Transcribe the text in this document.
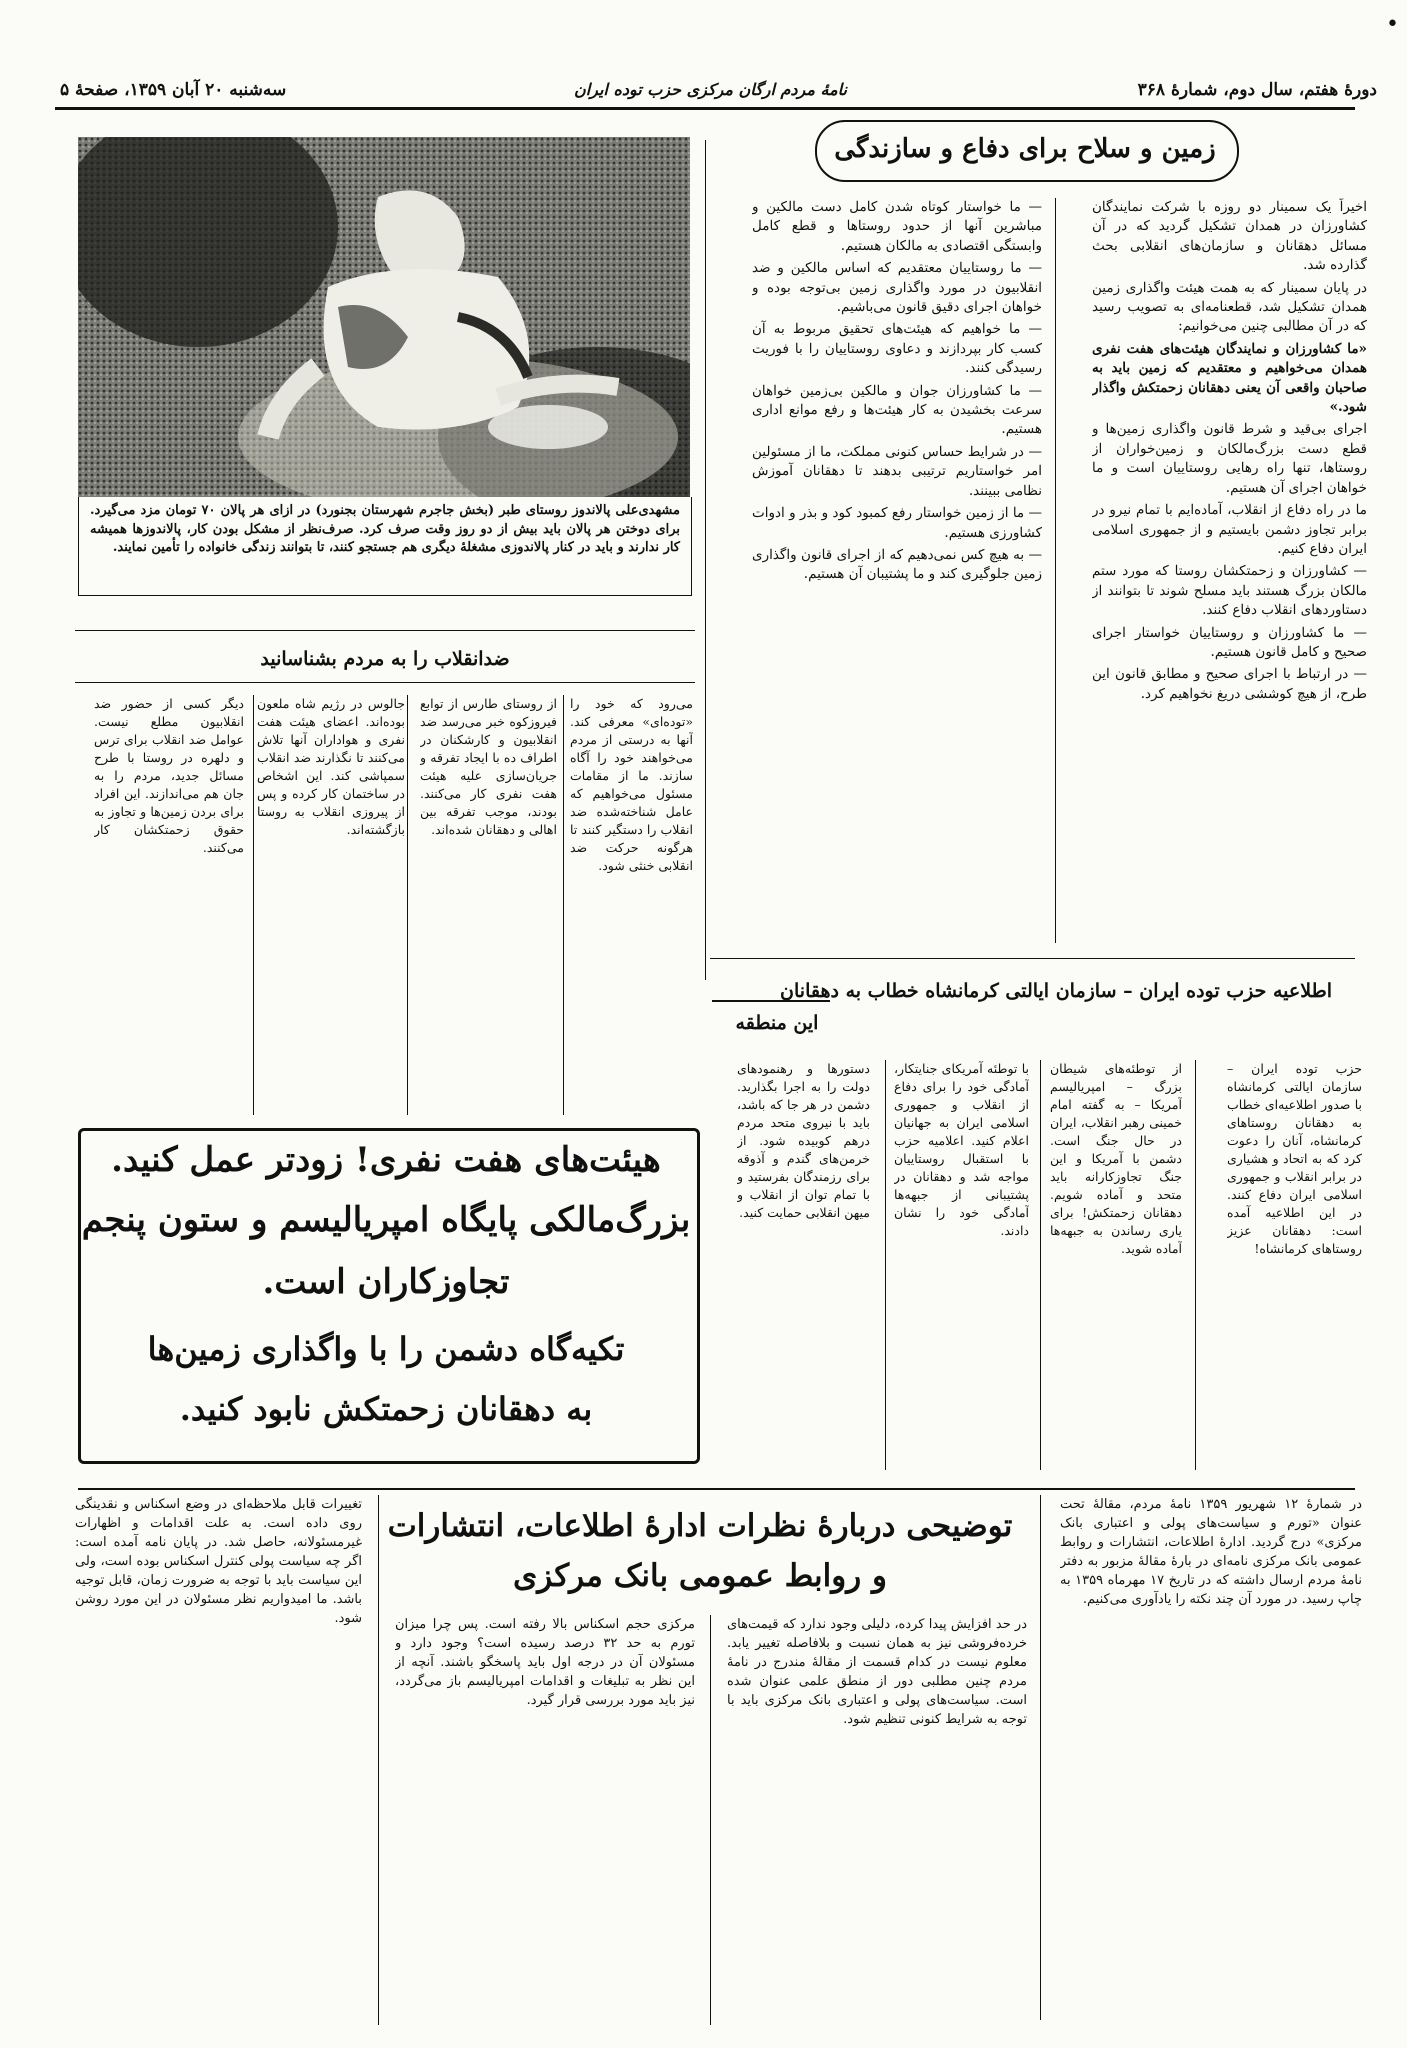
دورهٔ هفتم، سال دوم، شمارهٔ ۳۶۸
نامهٔ مردم ارگان مرکزی حزب توده ایران
سه‌شنبه ۲۰ آبان ۱۳۵۹، صفحهٔ ۵
•
زمین و سلاح برای دفاع و سازندگی

اخیراً یک سمینار دو روزه با شرکت نمایندگان کشاورزان در همدان تشکیل گردید که در آن مسائل دهقانان و سازمان‌های انقلابی بحث گذارده شد.

در پایان سمینار که به همت هیئت واگذاری زمین همدان تشکیل شد، قطعنامه‌ای به تصویب رسید که در آن مطالبی چنین می‌خوانیم:

«ما کشاورزان و نمایندگان هیئت‌های هفت نفری همدان می‌خواهیم و معتقدیم که زمین باید به صاحبان واقعی آن یعنی دهقانان زحمتکش واگذار شود.»

اجرای بی‌قید و شرط قانون واگذاری زمین‌ها و قطع دست بزرگ‌مالکان و زمین‌خواران از روستاها، تنها راه رهایی روستاییان است و ما خواهان اجرای آن هستیم.

ما در راه دفاع از انقلاب، آماده‌ایم با تمام نیرو در برابر تجاوز دشمن بایستیم و از جمهوری اسلامی ایران دفاع کنیم.

— کشاورزان و زحمتکشان روستا که مورد ستم مالکان بزرگ هستند باید مسلح شوند تا بتوانند از دستاوردهای انقلاب دفاع کنند.

— ما کشاورزان و روستاییان خواستار اجرای صحیح و کامل قانون هستیم.

— در ارتباط با اجرای صحیح و مطابق قانون این طرح، از هیچ کوششی دریغ نخواهیم کرد.

— ما خواستار کوتاه شدن کامل دست مالکین و مباشرین آنها از حدود روستاها و قطع کامل وابستگی اقتصادی به مالکان هستیم.

— ما روستاییان معتقدیم که اساس مالکین و ضد انقلابیون در مورد واگذاری زمین بی‌توجه بوده و خواهان اجرای دقیق قانون می‌باشیم.

— ما خواهیم که هیئت‌های تحقیق مربوط به آن کسب کار بپردازند و دعاوی روستاییان را با فوریت رسیدگی کنند.

— ما کشاورزان جوان و مالکین بی‌زمین خواهان سرعت بخشیدن به کار هیئت‌ها و رفع موانع اداری هستیم.

— در شرایط حساس کنونی مملکت، ما از مسئولین امر خواستاریم ترتیبی بدهند تا دهقانان آموزش نظامی ببینند.

— ما از زمین خواستار رفع کمبود کود و بذر و ادوات کشاورزی هستیم.

— به هیچ کس نمی‌دهیم که از اجرای قانون واگذاری زمین جلوگیری کند و ما پشتیبان آن هستیم.

مشهدی‌علی پالاندوز روستای طبر (بخش جاجرم شهرستان بجنورد) در ازای هر پالان ۷۰ تومان مزد می‌گیرد. برای دوختن هر پالان باید بیش از دو روز وقت صرف کرد. صرف‌نظر از مشکل بودن کار، پالاندوزها همیشه کار ندارند و باید در کنار پالاندوزی مشغلهٔ دیگری هم جستجو کنند، تا بتوانند زندگی خانواده را تأمین نمایند.
ضدانقلاب را به مردم بشناسانید
از روستای طارس از توابع فیروزکوه خبر می‌رسد ضد انقلابیون و کارشکنان در اطراف ده با ایجاد تفرقه و جریان‌سازی علیه هیئت هفت نفری کار می‌کنند. بودند، موجب تفرقه بین اهالی و دهقانان شده‌اند.
جالوس در رژیم شاه ملعون بوده‌اند. اعضای هیئت هفت نفری و هواداران آنها تلاش می‌کنند تا نگذارند ضد انقلاب سمپاشی کند. این اشخاص در ساختمان کار کرده و پس از پیروزی انقلاب به روستا بازگشته‌اند.
دیگر کسی از حضور ضد انقلابیون مطلع نیست. عوامل ضد انقلاب برای ترس و دلهره در روستا با طرح مسائل جدید، مردم را به جان هم می‌اندازند. این افراد برای بردن زمین‌ها و تجاوز به حقوق زحمتکشان کار می‌کنند.
می‌رود که خود را «توده‌ای» معرفی کند. آنها به درستی از مردم می‌خواهند خود را آگاه سازند. ما از مقامات مسئول می‌خواهیم که عامل شناخته‌شده ضد انقلاب را دستگیر کنند تا هرگونه حرکت ضد انقلابی خنثی شود.
هیئت‌های هفت نفری! زودتر عمل کنید.
بزرگ‌مالکی پایگاه امپریالیسم و ستون پنجم
تجاوزکاران است.
تکیه‌گاه دشمن را با واگذاری زمین‌ها
به دهقانان زحمتکش نابود کنید.
اطلاعیه حزب توده ایران – سازمان ایالتی کرمانشاه خطاب به دهقانان
این منطقه
حزب توده ایران – سازمان ایالتی کرمانشاه با صدور اطلاعیه‌ای خطاب به دهقانان روستاهای کرمانشاه، آنان را دعوت کرد که به اتحاد و هشیاری در برابر انقلاب و جمهوری اسلامی ایران دفاع کنند. در این اطلاعیه آمده است: دهقانان عزیز روستاهای کرمانشاه!
از توطئه‌های شیطان بزرگ – امپریالیسم آمریکا – به گفته امام خمینی رهبر انقلاب، ایران در حال جنگ است. دشمن با آمریکا و این جنگ تجاوزکارانه باید متحد و آماده شویم. دهقانان زحمتکش! برای یاری رساندن به جبهه‌ها آماده شوید.
با توطئه آمریکای جنایتکار، آمادگی خود را برای دفاع از انقلاب و جمهوری اسلامی ایران به جهانیان اعلام کنید. اعلامیه حزب با استقبال روستاییان مواجه شد و دهقانان در پشتیبانی از جبهه‌ها آمادگی خود را نشان دادند.
دستورها و رهنمودهای دولت را به اجرا بگذارید. دشمن در هر جا که باشد، باید با نیروی متحد مردم درهم کوبیده شود. از خرمن‌های گندم و آذوقه برای رزمندگان بفرستید و با تمام توان از انقلاب و میهن انقلابی حمایت کنید.
توضیحی دربارهٔ نظرات ادارهٔ اطلاعات، انتشارات
و روابط عمومی بانک مرکزی
در شمارهٔ ۱۲ شهریور ۱۳۵۹ نامهٔ مردم، مقالهٔ تحت عنوان «تورم و سیاست‌های پولی و اعتباری بانک مرکزی» درج گردید. ادارهٔ اطلاعات، انتشارات و روابط عمومی بانک مرکزی نامه‌ای در بارهٔ مقالهٔ مزبور به دفتر نامهٔ مردم ارسال داشته که در تاریخ ۱۷ مهرماه ۱۳۵۹ به چاپ رسید. در مورد آن چند نکته را یادآوری می‌کنیم.
در حد افزایش پیدا کرده، دلیلی وجود ندارد که قیمت‌های خرده‌فروشی نیز به همان نسبت و بلافاصله تغییر یابد. معلوم نیست در کدام قسمت از مقالهٔ مندرج در نامهٔ مردم چنین مطلبی دور از منطق علمی عنوان شده است. سیاست‌های پولی و اعتباری بانک مرکزی باید با توجه به شرایط کنونی تنظیم شود.
مرکزی حجم اسکناس بالا رفته است. پس چرا میزان تورم به حد ۳۲ درصد رسیده است؟ وجود دارد و مسئولان آن در درجه اول باید پاسخگو باشند. آنچه از این نظر به تبلیغات و اقدامات امپریالیسم باز می‌گردد، نیز باید مورد بررسی قرار گیرد.
تغییرات قابل ملاحظه‌ای در وضع اسکناس و نقدینگی روی داده است. به علت اقدامات و اظهارات غیرمسئولانه، حاصل شد. در پایان نامه آمده است: اگر چه سیاست پولی کنترل اسکناس بوده است، ولی این سیاست باید با توجه به ضرورت زمان، قابل توجیه باشد. ما امیدواریم نظر مسئولان در این مورد روشن شود.
